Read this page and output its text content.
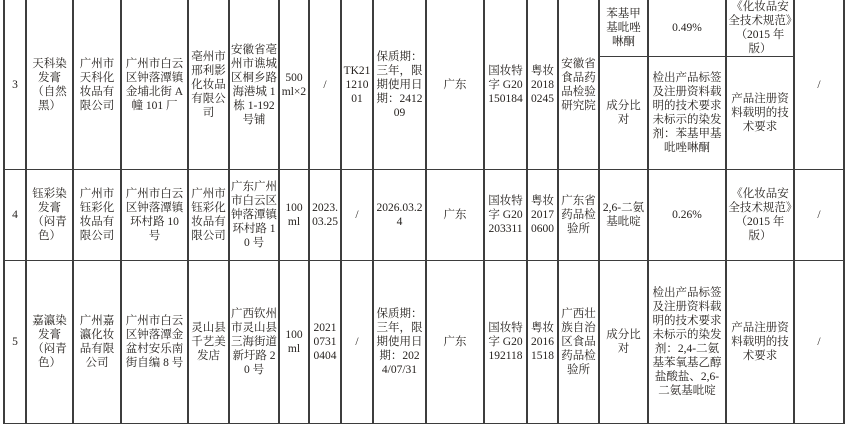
3	天科染发膏（自然黑）	广州市天科化妆品有限公司	广州市白云区钟落潭镇金埔北街 A 幢 101 厂	亳州市邢利影化妆品有限公司	安徽省亳州市谯城区桐乡路海港城 1 栋 1-192 号铺	500ml×2	/	TK21121001	保质期：三年，限期使用日期：241209	广东	国妆特字 G20150184	粤妆 20180245	安徽省食品药品检验研究院	苯基甲基吡唑啉酮	0.49%	《化妆品安全技术规范》（2015 年版）	/
														成分比对	检出产品标签及注册资料载明的技术要求未标示的染发剂：苯基甲基吡唑啉酮	产品注册资料载明的技术要求	
4	钰彩染发膏（闷青色）	广州市钰彩化妆品有限公司	广州市白云区钟落潭镇环村路 10 号	广州市钰彩化妆品有限公司	广东广州市白云区钟落潭镇环村路 10 号	100ml	2023.03.25	/	2026.03.24	广东	国妆特字 G20203311	粤妆 20170600	广东省药品检验所	2,6-二氨基吡啶	0.26%	《化妆品安全技术规范》（2015 年版）	/
5	嘉瀛染发膏（闷青色）	广州嘉瀛化妆品有限公司	广州市白云区钟落潭金盆村安乐南街自编 8 号	灵山县千艺美发店	广西钦州市灵山县三海街道新圩路 20 号	100ml	202107310404	/	保质期：三年，限期使用日期：2024/07/31	广东	国妆特字 G20192118	粤妆 20161518	广西壮族自治区食品药品检验所	成分比对	检出产品标签及注册资料载明的技术要求未标示的染发剂：2,4-二氨基苯氧基乙醇盐酸盐、2,6-二氨基吡啶	产品注册资料载明的技术要求	/
